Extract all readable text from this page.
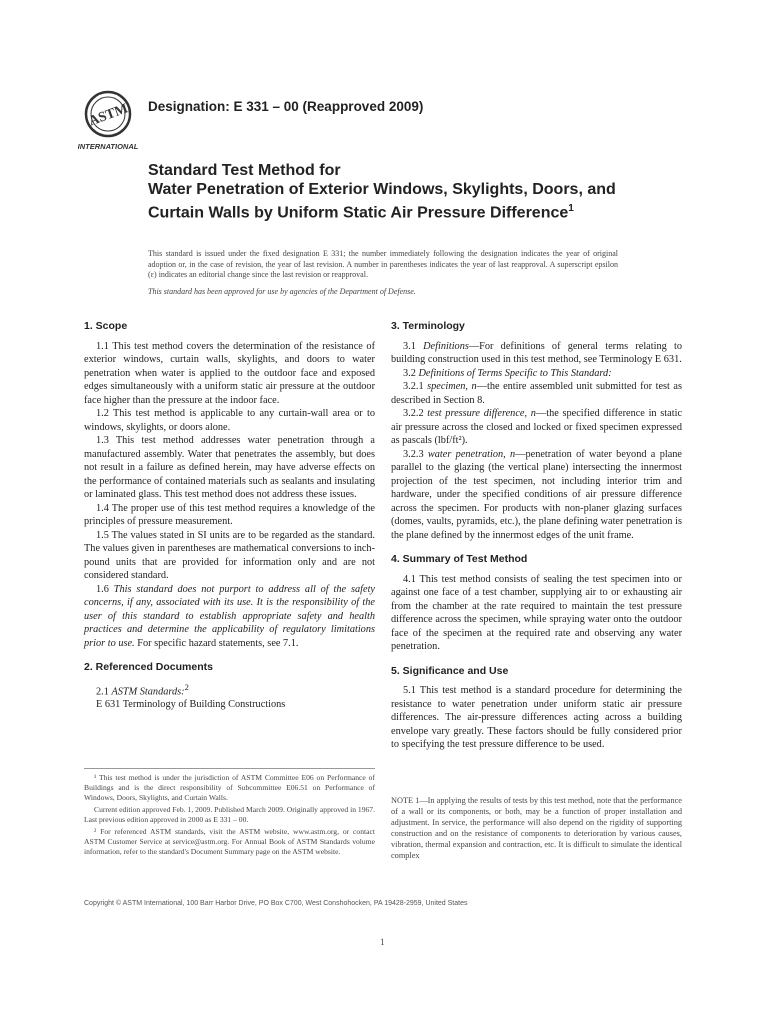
ASTM
INTERNATIONAL
Designation: E 331 – 00 (Reapproved 2009)
Standard Test Method for
Water Penetration of Exterior Windows, Skylights, Doors, and Curtain Walls by Uniform Static Air Pressure Difference$^1$
This standard is issued under the fixed designation E 331; the number immediately following the designation indicates the year of original adoption or, in the case of revision, the year of last revision. A number in parentheses indicates the year of last reapproval. A superscript epsilon (ε) indicates an editorial change since the last revision or reapproval.
This standard has been approved for use by agencies of the Department of Defense.
1. Scope

1.1 This test method covers the determination of the resistance of exterior windows, curtain walls, skylights, and doors to water penetration when water is applied to the outdoor face and exposed edges simultaneously with a uniform static air pressure at the outdoor face higher than the pressure at the indoor face.

1.2 This test method is applicable to any curtain-wall area or to windows, skylights, or doors alone.

1.3 This test method addresses water penetration through a manufactured assembly. Water that penetrates the assembly, but does not result in a failure as defined herein, may have adverse effects on the performance of contained materials such as sealants and insulating or laminated glass. This test method does not address these issues.

1.4 The proper use of this test method requires a knowledge of the principles of pressure measurement.

1.5 The values stated in SI units are to be regarded as the standard. The values given in parentheses are mathematical conversions to inch-pound units that are provided for information only and are not considered standard.

1.6 This standard does not purport to address all of the safety concerns, if any, associated with its use. It is the responsibility of the user of this standard to establish appropriate safety and health practices and determine the applicability of regulatory limitations prior to use. For specific hazard statements, see 7.1.

2. Referenced Documents

2.1 ASTM Standards:$^2$

E 631 Terminology of Building Constructions

3. Terminology

3.1 Definitions—For definitions of general terms relating to building construction used in this test method, see Terminology E 631.

3.2 Definitions of Terms Specific to This Standard:

3.2.1 specimen, n—the entire assembled unit submitted for test as described in Section 8.

3.2.2 test pressure difference, n—the specified difference in static air pressure across the closed and locked or fixed specimen expressed as pascals (lbf/ft²).

3.2.3 water penetration, n—penetration of water beyond a plane parallel to the glazing (the vertical plane) intersecting the innermost projection of the test specimen, not including interior trim and hardware, under the specified conditions of air pressure difference across the specimen. For products with non-planer glazing surfaces (domes, vaults, pyramids, etc.), the plane defining water penetration is the plane defined by the innermost edges of the unit frame.

4. Summary of Test Method

4.1 This test method consists of sealing the test specimen into or against one face of a test chamber, supplying air to or exhausting air from the chamber at the rate required to maintain the test pressure difference across the specimen, while spraying water onto the outdoor face of the specimen at the required rate and observing any water penetration.

5. Significance and Use

5.1 This test method is a standard procedure for determining the resistance to water penetration under uniform static air pressure differences. The air-pressure differences acting across a building envelope vary greatly. These factors should be fully considered prior to specifying the test pressure difference to be used.

¹ This test method is under the jurisdiction of ASTM Committee E06 on Performance of Buildings and is the direct responsibility of Subcommittee E06.51 on Performance of Windows, Doors, Skylights, and Curtain Walls.

Current edition approved Feb. 1, 2009. Published March 2009. Originally approved in 1967. Last previous edition approved in 2000 as E 331 – 00.

² For referenced ASTM standards, visit the ASTM website, www.astm.org, or contact ASTM Customer Service at service@astm.org. For Annual Book of ASTM Standards volume information, refer to the standard's Document Summary page on the ASTM website.

NOTE 1—In applying the results of tests by this test method, note that the performance of a wall or its components, or both, may be a function of proper installation and adjustment. In service, the performance will also depend on the rigidity of supporting construction and on the resistance of components to deterioration by various causes, vibration, thermal expansion and contraction, etc. It is difficult to simulate the identical complex
Copyright © ASTM International, 100 Barr Harbor Drive, PO Box C700, West Conshohocken, PA 19428-2959, United States
1
